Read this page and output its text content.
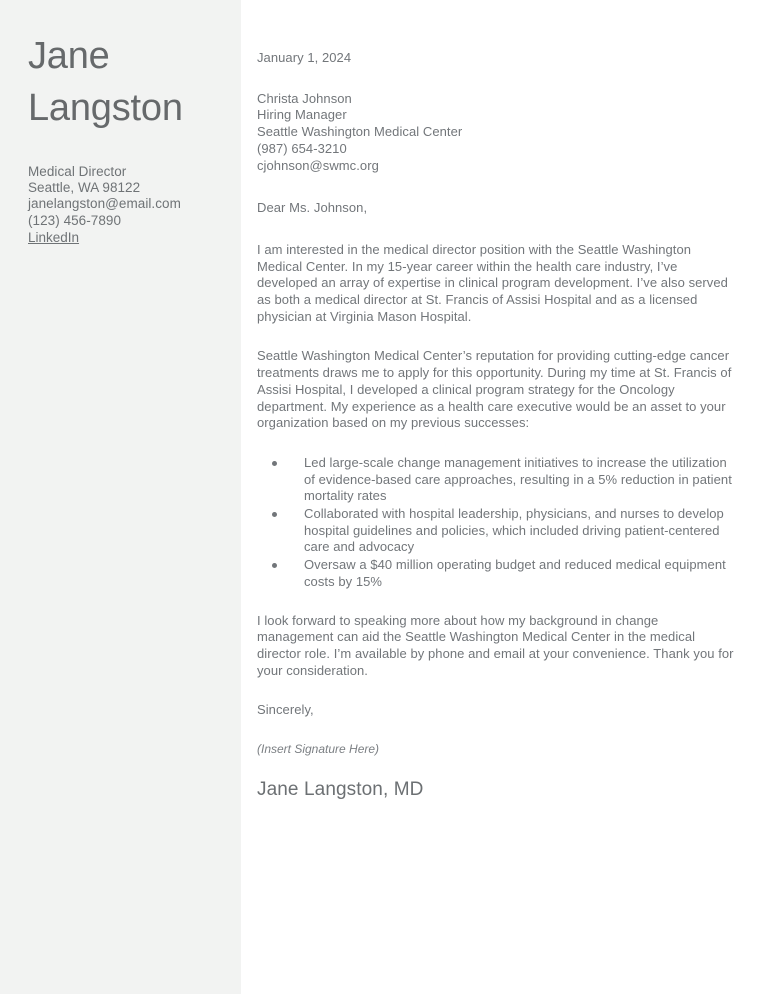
Jane
Langston
Medical Director
Seattle, WA 98122
janelangston@email.com
(123) 456-7890
LinkedIn
January 1, 2024
Christa Johnson
Hiring Manager
Seattle Washington Medical Center
(987) 654-3210
cjohnson@swmc.org
Dear Ms. Johnson,

I am interested in the medical director position with the Seattle Washington Medical Center. In my 15-year career within the health care industry, I’ve developed an array of expertise in clinical program development. I’ve also served as both a medical director at St. Francis of Assisi Hospital and as a licensed physician at Virginia Mason Hospital.

Seattle Washington Medical Center’s reputation for providing cutting-edge cancer treatments draws me to apply for this opportunity. During my time at St. Francis of Assisi Hospital, I developed a clinical program strategy for the Oncology department. My experience as a health care executive would be an asset to your organization based on my previous successes:

Led large-scale change management initiatives to increase the utilization of evidence-based care approaches, resulting in a 5% reduction in patient mortality rates
Collaborated with hospital leadership, physicians, and nurses to develop hospital guidelines and policies, which included driving patient-centered care and advocacy
Oversaw a $40 million operating budget and reduced medical equipment costs by 15%

I look forward to speaking more about how my background in change management can aid the Seattle Washington Medical Center in the medical director role. I’m available by phone and email at your convenience. Thank you for your consideration.

Sincerely,
(Insert Signature Here)
Jane Langston, MD
